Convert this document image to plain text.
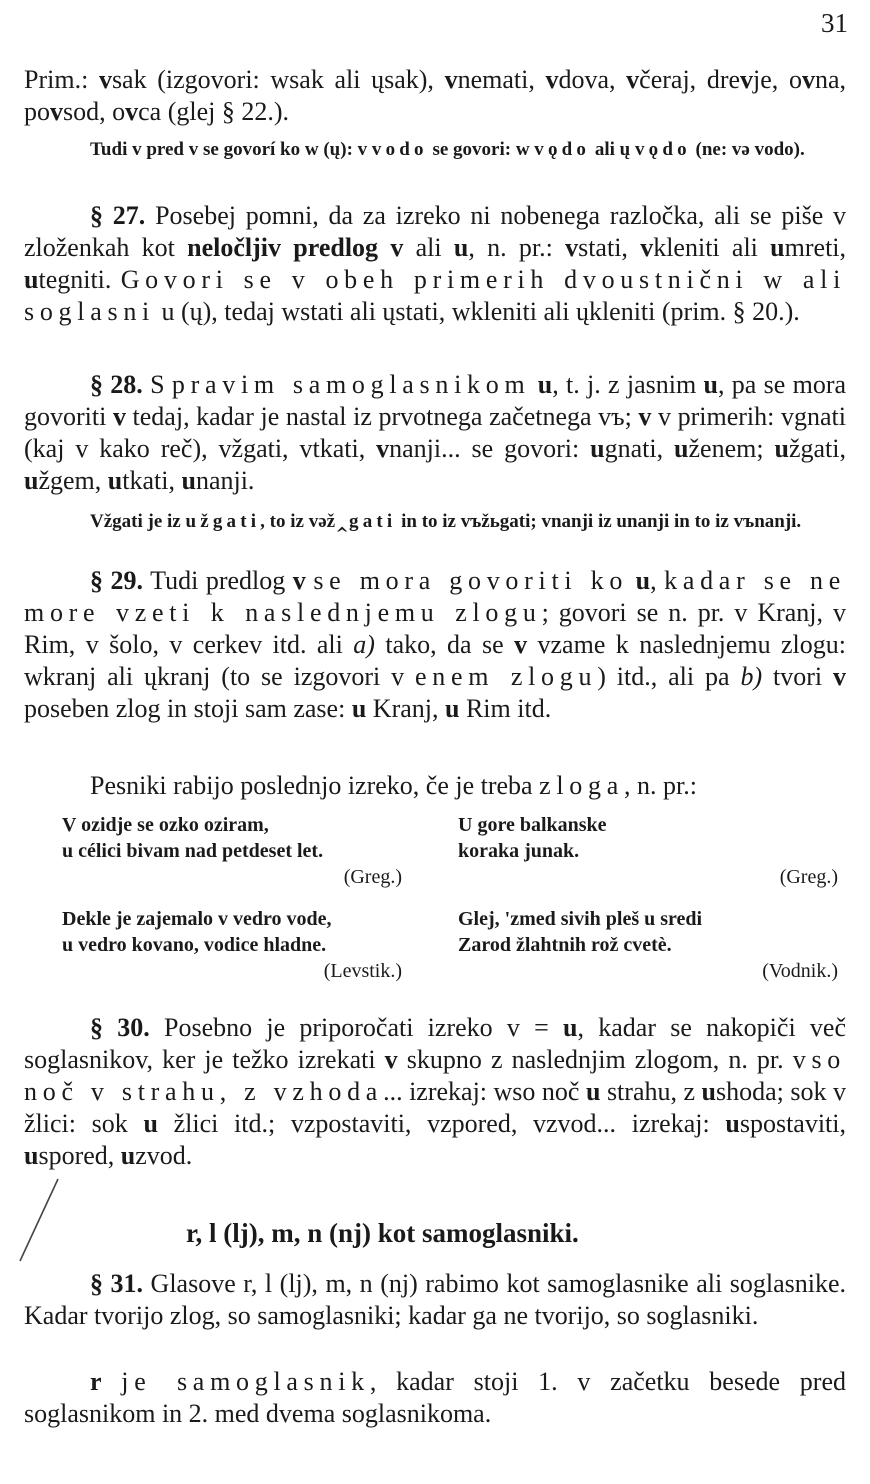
31

Prim.: vsak (izgovori: wsak ali ųsak), vnemati, vdova, včeraj, drevje, ovna, povsod, ovca (glej § 22.).

Tudi v pred v se govorí ko w (ų): v vodo se govori: w vǫdo ali ų vǫdo (ne: və vodo).

§ 27. Posebej pomni, da za izreko ni nobenega razločka, ali se piše v zloženkah kot neločljiv predlog v ali u, n. pr.: vstati, vkleniti ali umreti, utegniti. Govori se v obeh primerih dvoustnični w ali soglasni u (ų), tedaj wstati ali ųstati, wkleniti ali ųkleniti (prim. § 20.).

§ 28. S pravim samoglasnikom u, t. j. z jasnim u, pa se mora govoriti v tedaj, kadar je nastal iz prvotnega začetnega vъ; v v primerih: vgnati (kaj v kako reč), vžgati, vtkati, vnanji... se govori: ugnati, uženem; užgati, užgem, utkati, unanji.

Vžgati je iz užgati, to iz vəž‸gati in to iz vъžьgati; vnanji iz unanji in to iz vъnanji.

§ 29. Tudi predlog v se mora govoriti ko u, kadar se ne more vzeti k naslednjemu zlogu; govori se n. pr. v Kranj, v Rim, v šolo, v cerkev itd. ali a) tako, da se v vzame k naslednjemu zlogu: wkranj ali ųkranj (to se izgovori v enem zlogu) itd., ali pa b) tvori v poseben zlog in stoji sam zase: u Kranj, u Rim itd.

Pesniki rabijo poslednjo izreko, če je treba zloga, n. pr.:

V ozidje se ozko oziram,
u célici bivam nad petdeset let.
(Greg.)
U gore balkanske
koraka junak.
(Greg.)
Dekle je zajemalo v vedro vode,
u vedro kovano, vodice hladne.
(Levstik.)
Glej, 'zmed sivih pleš u sredi
Zarod žlahtnih rož cvetè.
(Vodnik.)

§ 30. Posebno je priporočati izreko v = u, kadar se nakopiči več soglasnikov, ker je težko izrekati v skupno z naslednjim zlogom, n. pr. vso noč v strahu, z vzhoda... izrekaj: wso noč u strahu, z ushoda; sok v žlici: sok u žlici itd.; vzpostaviti, vzpored, vzvod... izrekaj: uspostaviti, uspored, uzvod.

r, l (lj), m, n (nj) kot samoglasniki.

§ 31. Glasove r, l (lj), m, n (nj) rabimo kot samoglasnike ali soglasnike. Kadar tvorijo zlog, so samoglasniki; kadar ga ne tvorijo, so soglasniki.

r je samoglasnik, kadar stoji 1. v začetku besede pred soglasnikom in 2. med dvema soglasnikoma.
